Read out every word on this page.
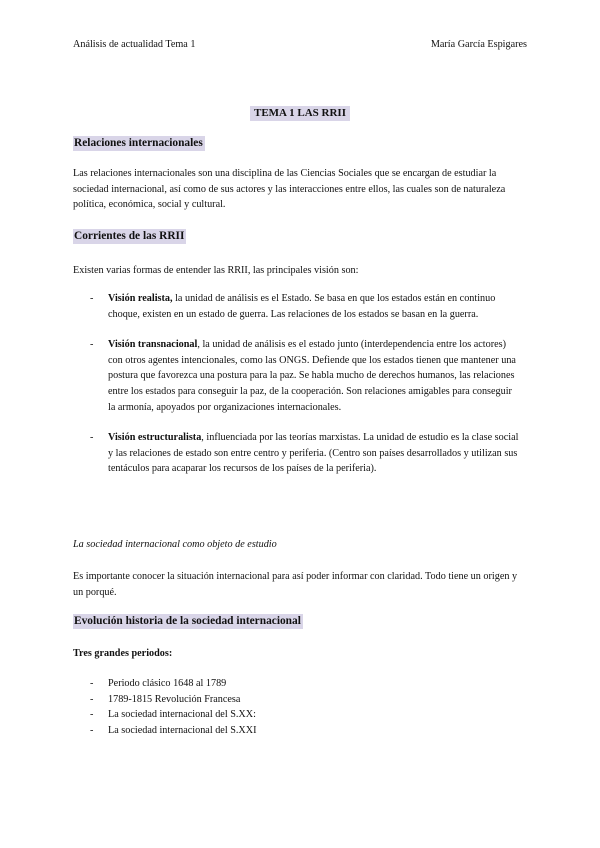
Análisis de actualidad Tema 1	María García Espigares
TEMA 1 LAS RRII
Relaciones internacionales
Las relaciones internacionales son una disciplina de las Ciencias Sociales que se encargan de estudiar la sociedad internacional, así como de sus actores y las interacciones entre ellos, las cuales son de naturaleza política, económica, social y cultural.
Corrientes de las RRII
Existen varias formas de entender las RRII, las principales visión son:
- Visión realista, la unidad de análisis es el Estado. Se basa en que los estados están en continuo choque, existen en un estado de guerra. Las relaciones de los estados se basan en la guerra.
- Visión transnacional, la unidad de análisis es el estado junto (interdependencia entre los actores) con otros agentes intencionales, como las ONGS. Defiende que los estados tienen que mantener una postura que favorezca una postura para la paz. Se habla mucho de derechos humanos, las relaciones entre los estados para conseguir la paz, de la cooperación. Son relaciones amigables para conseguir la armonía, apoyados por organizaciones internacionales.
- Visión estructuralista, influenciada por las teorías marxistas. La unidad de estudio es la clase social y las relaciones de estado son entre centro y periferia. (Centro son países desarrollados y utilizan sus tentáculos para acaparar los recursos de los países de la periferia).
La sociedad internacional como objeto de estudio
Es importante conocer la situación internacional para así poder informar con claridad. Todo tiene un origen y un porqué.
Evolución historia de la sociedad internacional
Tres grandes periodos:
- Periodo clásico 1648 al 1789
- 1789-1815 Revolución Francesa
- La sociedad internacional del S.XX:
- La sociedad internacional del S.XXI
